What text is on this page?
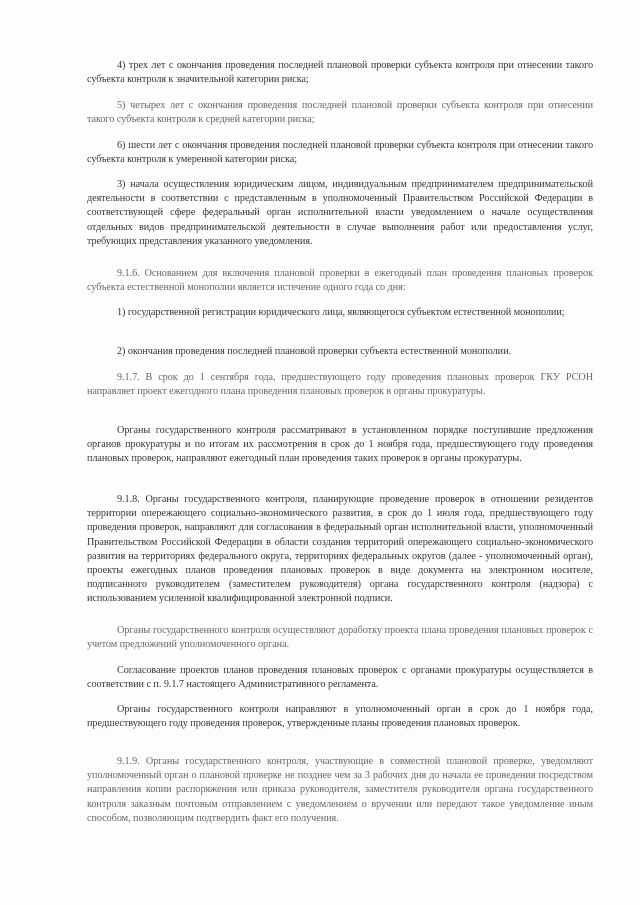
4) трех лет с окончания проведения последней плановой проверки субъекта контроля при отнесении такого субъекта контроля к значительной категории риска;

5) четырех лет с окончания проведения последней плановой проверки субъекта контроля при отнесении такого субъекта контроля к средней категории риска;

6) шести лет с окончания проведения последней плановой проверки субъекта контроля при отнесении такого субъекта контроля к умеренной категории риска;

3) начала осуществления юридическим лицом, индивидуальным предпринимателем предпринимательской деятельности в соответствии с представленным в уполномоченный Правительством Российской Федерации в соответствующей сфере федеральный орган исполнительной власти уведомлением о начале осуществления отдельных видов предпринимательской деятельности в случае выполнения работ или предоставления услуг, требующих представления указанного уведомления.

9.1.6. Основанием для включения плановой проверки в ежегодный план проведения плановых проверок субъекта естественной монополии является истечение одного года со дня:

1) государственной регистрации юридического лица, являющегося субъектом естественной монополии;

2) окончания проведения последней плановой проверки субъекта естественной монополии.

9.1.7. В срок до 1 сентября года, предшествующего году проведения плановых проверок ГКУ РСОН направляет проект ежегодного плана проведения плановых проверок в органы прокуратуры.

Органы государственного контроля рассматривают в установленном порядке поступившие предложения органов прокуратуры и по итогам их рассмотрения в срок до 1 ноября года, предшествующего году проведения плановых проверок, направляют ежегодный план проведения таких проверок в органы прокуратуры.

9.1.8. Органы государственного контроля, планирующие проведение проверок в отношении резидентов территории опережающего социально-экономического развития, в срок до 1 июля года, предшествующего году проведения проверок, направляют для согласования в федеральный орган исполнительной власти, уполномоченный Правительством Российской Федерации в области создания территорий опережающего социально-экономического развития на территориях федерального округа, территориях федеральных округов (далее - уполномоченный орган), проекты ежегодных планов проведения плановых проверок в виде документа на электронном носителе, подписанного руководителем (заместителем руководителя) органа государственного контроля (надзора) с использованием усиленной квалифицированной электронной подписи.

Органы государственного контроля осуществляют доработку проекта плана проведения плановых проверок с учетом предложений уполномоченного органа.

Согласование проектов планов проведения плановых проверок с органами прокуратуры осуществляется в соответствии с п. 9.1.7 настоящего Административного регламента.

Органы государственного контроля направляют в уполномоченный орган в срок до 1 ноября года, предшествующего году проведения проверок, утвержденные планы проведения плановых проверок.

9.1.9. Органы государственного контроля, участвующие в совместной плановой проверке, уведомляют уполномоченный орган о плановой проверке не позднее чем за 3 рабочих дня до начала ее проведения посредством направления копии распоряжения или приказа руководителя, заместителя руководителя органа государственного контроля заказным почтовым отправлением с уведомлением о вручении или передают такое уведомление иным способом, позволяющим подтвердить факт его получения.
